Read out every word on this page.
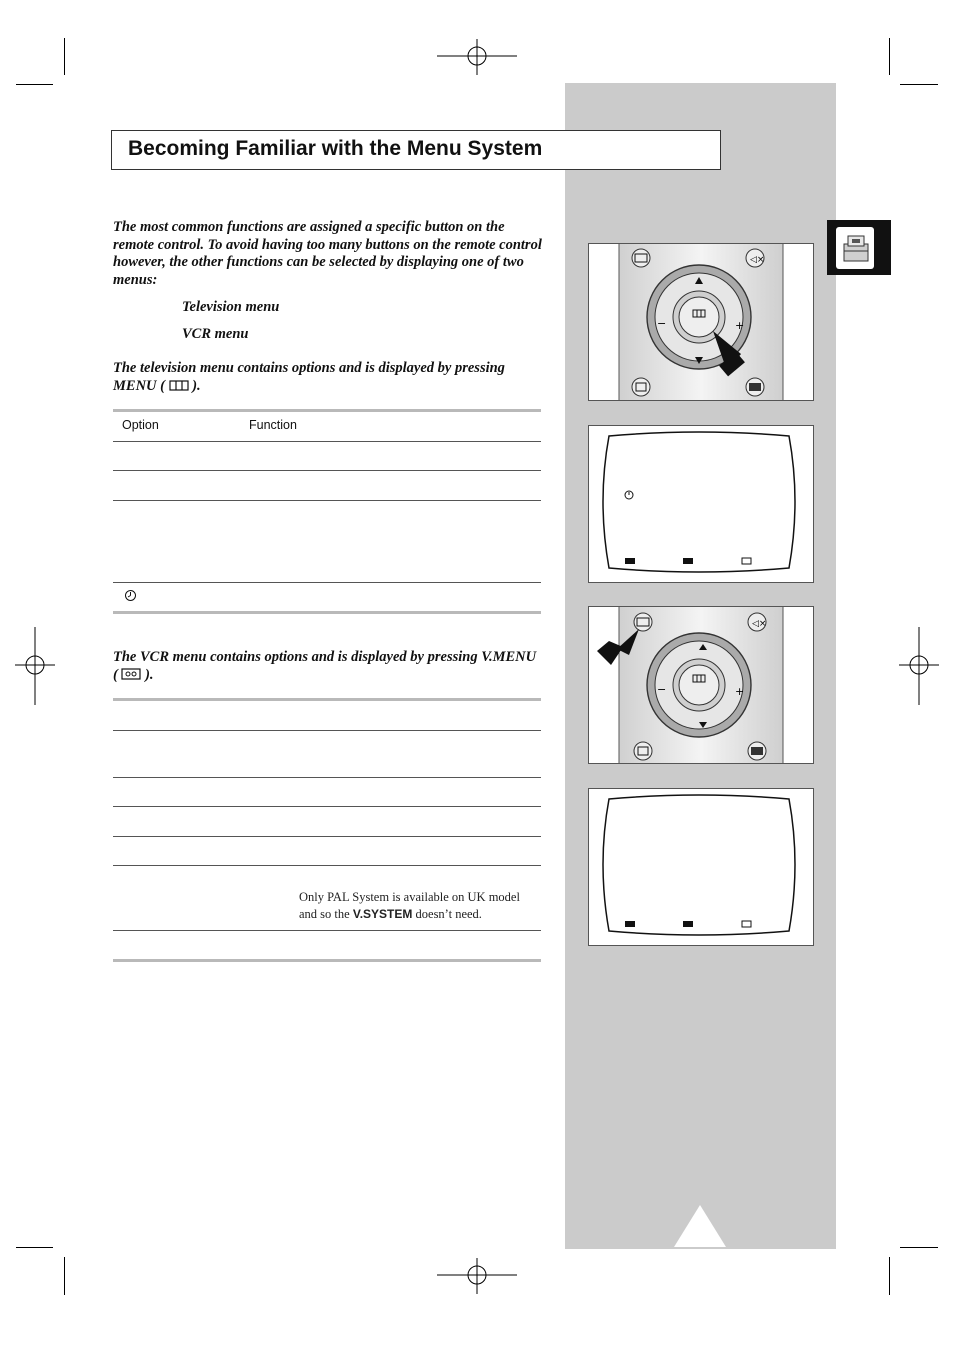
Becoming Familiar with the Menu System
The most common functions are assigned a specific button on the remote control. To avoid having too many buttons on the remote control however, the other functions can be selected by displaying one of two menus:
Television menu
VCR menu
The television menu contains options and is displayed by pressing MENU ( ).
Option	Function
The VCR menu contains options and is displayed by pressing V.MENU ( ).
Only PAL System is available on UK model
and so the V.SYSTEM doesn’t need.
−	+
◁×
−	+
◁×
